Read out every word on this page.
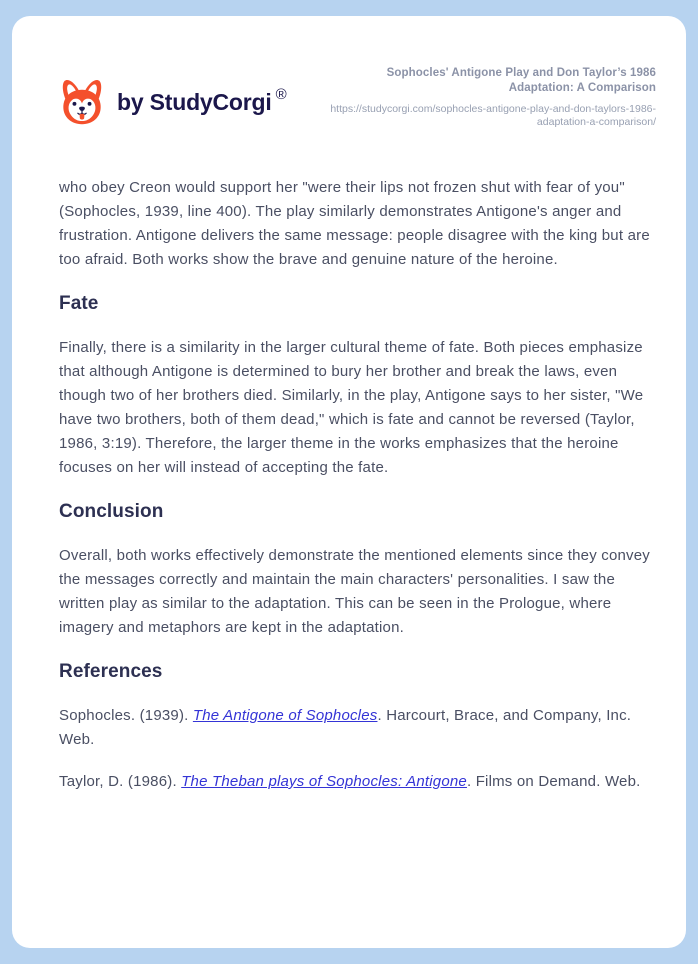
by StudyCorgi ®
Sophocles' Antigone Play and Don Taylor’s 1986 Adaptation: A Comparison
https://studycorgi.com/sophocles-antigone-play-and-don-taylors-1986-adaptation-a-comparison/

who obey Creon would support her "were their lips not frozen shut with fear of you" (Sophocles, 1939, line 400). The play similarly demonstrates Antigone's anger and frustration. Antigone delivers the same message: people disagree with the king but are too afraid. Both works show the brave and genuine nature of the heroine.

Fate

Finally, there is a similarity in the larger cultural theme of fate. Both pieces emphasize that although Antigone is determined to bury her brother and break the laws, even though two of her brothers died. Similarly, in the play, Antigone says to her sister, "We have two brothers, both of them dead," which is fate and cannot be reversed (Taylor, 1986, 3:19). Therefore, the larger theme in the works emphasizes that the heroine focuses on her will instead of accepting the fate.

Conclusion

Overall, both works effectively demonstrate the mentioned elements since they convey the messages correctly and maintain the main characters' personalities. I saw the written play as similar to the adaptation. This can be seen in the Prologue, where imagery and metaphors are kept in the adaptation.

References

Sophocles. (1939). The Antigone of Sophocles. Harcourt, Brace, and Company, Inc. Web.

Taylor, D. (1986). The Theban plays of Sophocles: Antigone. Films on Demand. Web.
